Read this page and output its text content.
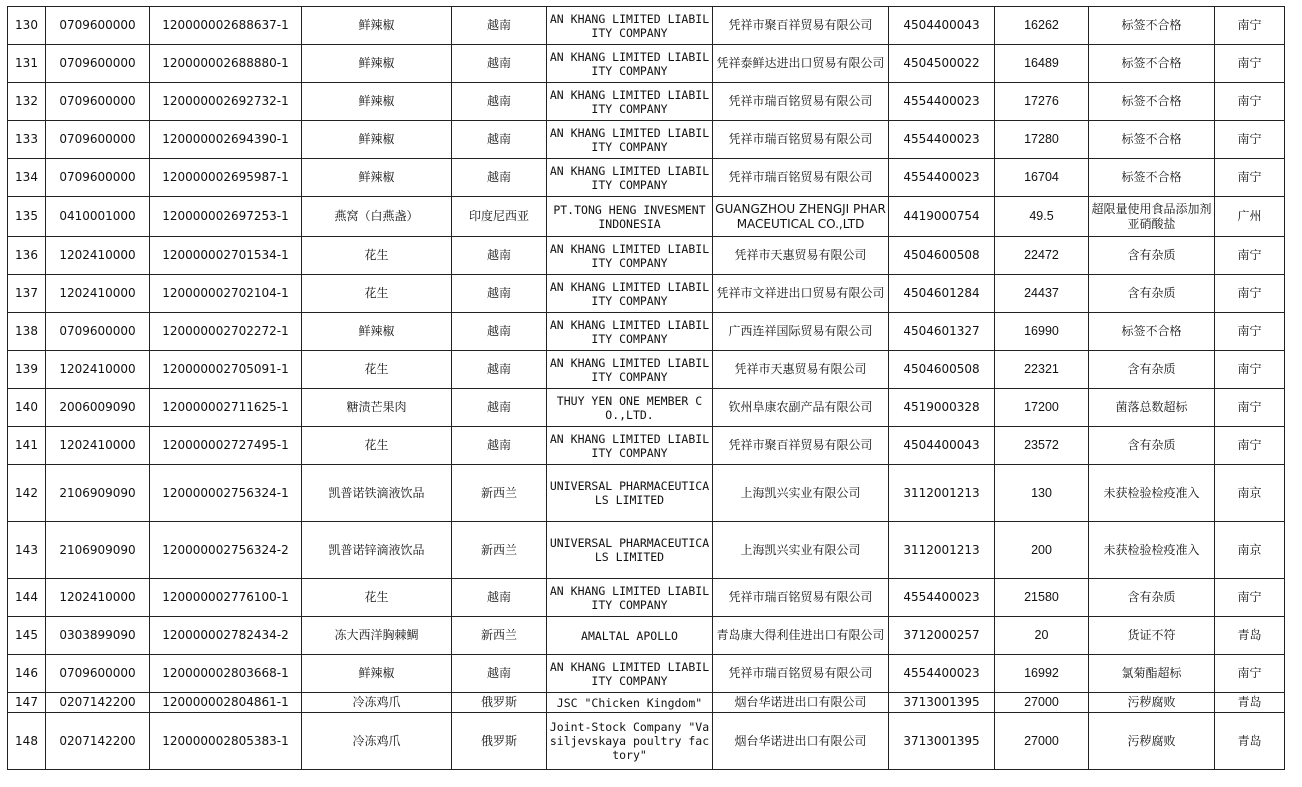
130	0709600000	120000002688637-1	鲜辣椒	越南	AN KHANG LIMITED LIABILITY COMPANY	凭祥市聚百祥贸易有限公司	4504400043	16262	标签不合格	南宁
131	0709600000	120000002688880-1	鲜辣椒	越南	AN KHANG LIMITED LIABILITY COMPANY	凭祥泰鲜达进出口贸易有限公司	4504500022	16489	标签不合格	南宁
132	0709600000	120000002692732-1	鲜辣椒	越南	AN KHANG LIMITED LIABILITY COMPANY	凭祥市瑞百铭贸易有限公司	4554400023	17276	标签不合格	南宁
133	0709600000	120000002694390-1	鲜辣椒	越南	AN KHANG LIMITED LIABILITY COMPANY	凭祥市瑞百铭贸易有限公司	4554400023	17280	标签不合格	南宁
134	0709600000	120000002695987-1	鲜辣椒	越南	AN KHANG LIMITED LIABILITY COMPANY	凭祥市瑞百铭贸易有限公司	4554400023	16704	标签不合格	南宁
135	0410001000	120000002697253-1	燕窝（白燕盏）	印度尼西亚	PT.TONG HENG INVESMENT INDONESIA	GUANGZHOU ZHENGJI PHARMACEUTICAL CO.,LTD	4419000754	49.5	超限量使用食品添加剂亚硝酸盐	广州
136	1202410000	120000002701534-1	花生	越南	AN KHANG LIMITED LIABILITY COMPANY	凭祥市天惠贸易有限公司	4504600508	22472	含有杂质	南宁
137	1202410000	120000002702104-1	花生	越南	AN KHANG LIMITED LIABILITY COMPANY	凭祥市文祥进出口贸易有限公司	4504601284	24437	含有杂质	南宁
138	0709600000	120000002702272-1	鲜辣椒	越南	AN KHANG LIMITED LIABILITY COMPANY	广西连祥国际贸易有限公司	4504601327	16990	标签不合格	南宁
139	1202410000	120000002705091-1	花生	越南	AN KHANG LIMITED LIABILITY COMPANY	凭祥市天惠贸易有限公司	4504600508	22321	含有杂质	南宁
140	2006009090	120000002711625-1	糖渍芒果肉	越南	THUY YEN ONE MEMBER CO.,LTD.	钦州阜康农副产品有限公司	4519000328	17200	菌落总数超标	南宁
141	1202410000	120000002727495-1	花生	越南	AN KHANG LIMITED LIABILITY COMPANY	凭祥市聚百祥贸易有限公司	4504400043	23572	含有杂质	南宁
142	2106909090	120000002756324-1	凯普诺铁滴液饮品	新西兰	UNIVERSAL PHARMACEUTICALS LIMITED	上海凯兴实业有限公司	3112001213	130	未获检验检疫准入	南京
143	2106909090	120000002756324-2	凯普诺锌滴液饮品	新西兰	UNIVERSAL PHARMACEUTICALS LIMITED	上海凯兴实业有限公司	3112001213	200	未获检验检疫准入	南京
144	1202410000	120000002776100-1	花生	越南	AN KHANG LIMITED LIABILITY COMPANY	凭祥市瑞百铭贸易有限公司	4554400023	21580	含有杂质	南宁
145	0303899090	120000002782434-2	冻大西洋胸棘鲷	新西兰	AMALTAL APOLLO	青岛康大得利佳进出口有限公司	3712000257	20	货证不符	青岛
146	0709600000	120000002803668-1	鲜辣椒	越南	AN KHANG LIMITED LIABILITY COMPANY	凭祥市瑞百铭贸易有限公司	4554400023	16992	氯菊酯超标	南宁
147	0207142200	120000002804861-1	冷冻鸡爪	俄罗斯	JSC "Chicken Kingdom"	烟台华诺进出口有限公司	3713001395	27000	污秽腐败	青岛
148	0207142200	120000002805383-1	冷冻鸡爪	俄罗斯	Joint-Stock Company "Vasiljevskaya poultry factory"	烟台华诺进出口有限公司	3713001395	27000	污秽腐败	青岛
